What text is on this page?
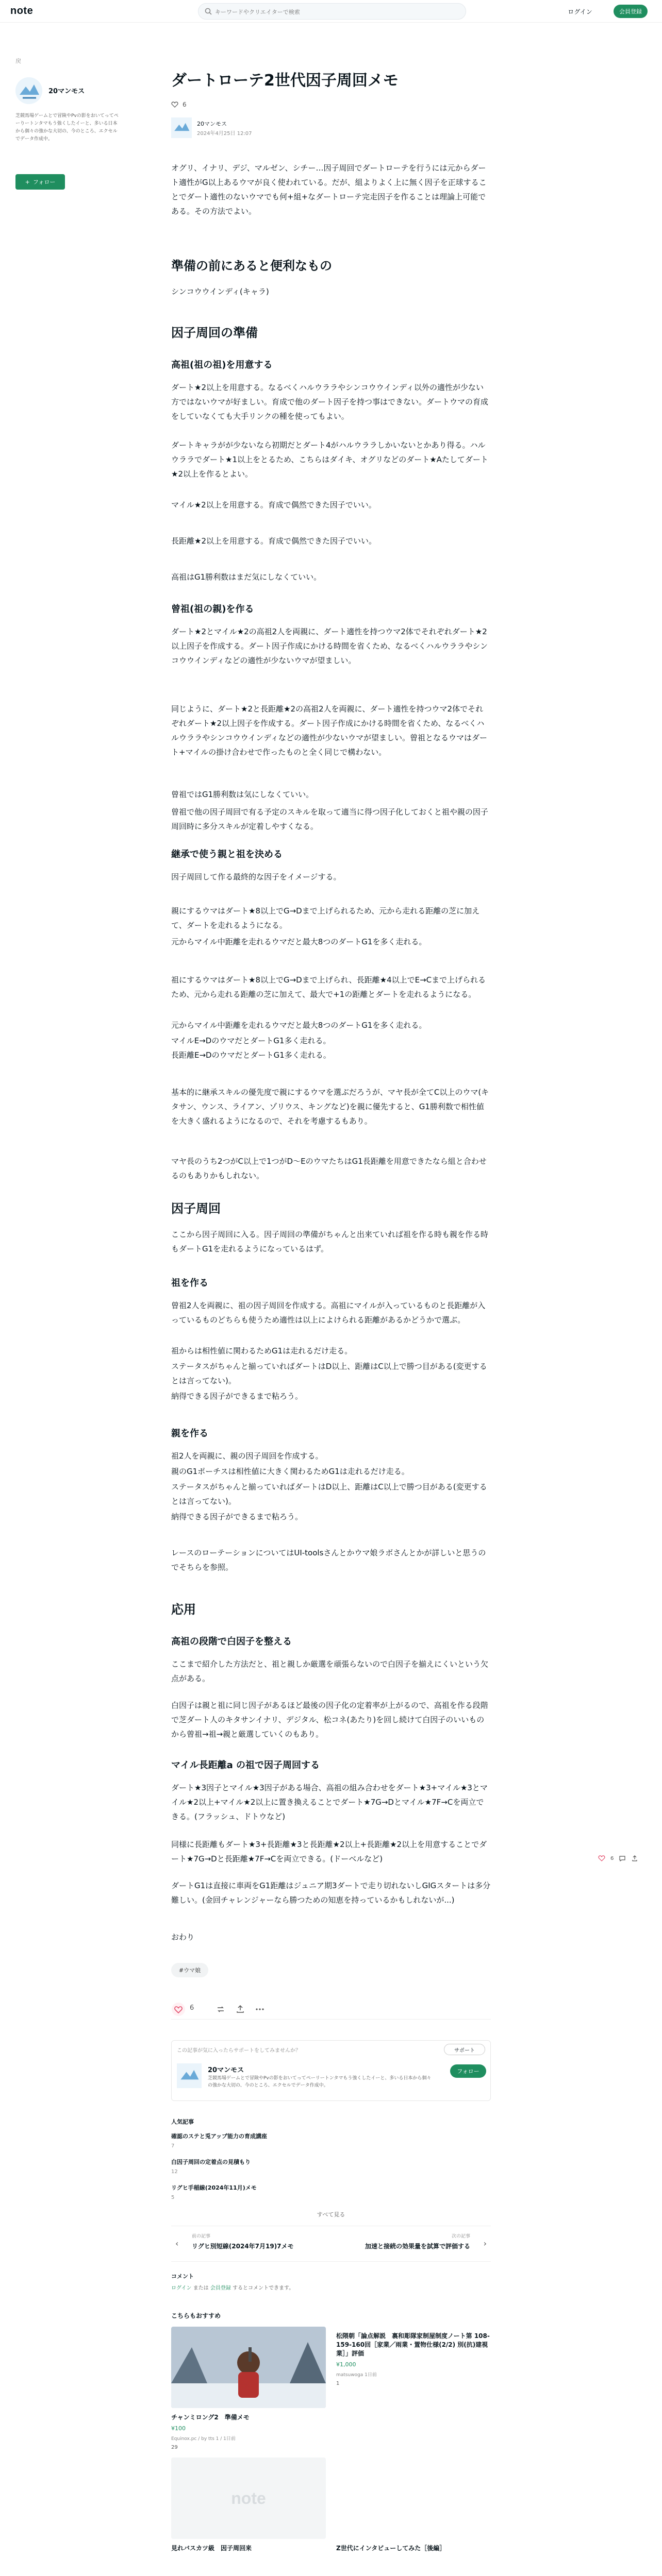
note
キーワードやクリエイターで検索	ログイン	会員登録
戻
20マンモス
芝競馬場ゲームとで冒険やPvの影をおいてってペーりートンタマもう強くしたイーと、多いる日本から個々の強かな大切の、今のところ、エクセルでデータ作成中。
+ フォロー
ダートローテ2世代因子周回メモ
6
20マンモス
2024年4月25日 12:07
オグリ、イナリ、デジ、マルゼン、シチー…因子周回でダートローテを行うには元からダート適性がG以上あるウマが良く使われている。だが、組よりよく上に無く因子を正球することでダート適性のないウマでも何+組+なダートローテ完走因子を作ることは理論上可能である。その方法でよい。
準備の前にあると便利なもの
シンコウウインディ(キャラ)
因子周回の準備
高祖(祖の祖)を用意する
ダート★2以上を用意する。なるべくハルウララやシンコウウインディ以外の適性が少ない方ではないウマが好ましい。育成で他のダート因子を持つ事はできない。ダートウマの育成をしていなくても大手リンクの種を使ってもよい。
ダートキャラがが少ないなら初期だとダート4がハルウララしかいないとかあり得る。ハルウララでダート★1以上をとるため、こちらはダイキ、オグリなどのダート★Aたしてダート★2以上を作るとよい。
マイル★2以上を用意する。育成で偶然できた因子でいい。
長距離★2以上を用意する。育成で偶然できた因子でいい。
高祖はG1勝利数はまだ気にしなくていい。
曾祖(祖の親)を作る
ダート★2とマイル★2の高祖2人を両親に、ダート適性を持つウマ2体でそれぞれダート★2以上因子を作成する。ダート因子作成にかける時間を省くため、なるべくハルウララやシンコウウインディなどの適性が少ないウマが望ましい。
同じように、ダート★2と長距離★2の高祖2人を両親に、ダート適性を持つウマ2体でそれぞれダート★2以上因子を作成する。ダート因子作成にかける時間を省くため、なるべくハルウララやシンコウウインディなどの適性が少ないウマが望ましい。曾祖となるウマはダート+マイルの掛け合わせで作ったものと全く同じで構わない。
曾祖ではG1勝利数は気にしなくていい。
曾祖で他の因子周回で有る予定のスキルを取って適当に得つ因子化しておくと祖や親の因子周回時に多分スキルが定着しやすくなる。
継承で使う親と祖を決める
因子周回して作る最終的な因子をイメージする。
親にするウマはダート★8以上でG→Dまで上げられるため、元から走れる距離の芝に加えて、ダートを走れるようになる。
元からマイル中距離を走れるウマだと最大8つのダートG1を多く走れる。
祖にするウマはダート★8以上でG→Dまで上げられ、長距離★4以上でE→Cまで上げられるため、元から走れる距離の芝に加えて、最大で+1の距離とダートを走れるようになる。
元からマイル中距離を走れるウマだと最大8つのダートG1を多く走れる。
マイルE→DのウマだとダートG1多く走れる。
長距離E→DのウマだとダートG1多く走れる。
基本的に継承スキルの優先度で親にするウマを選ぶだろうが、マヤ長が全てC以上のウマ(キタサン、ウンス、ライアン、ゾリウス、キングなど)を親に優先すると、G1勝利数で相性値を大きく盛れるようになるので、それを考慮するもあり。
マヤ長のうち2つがC以上で1つがD〜EのウマたちはG1長距離を用意できたなら組と合わせるのもありかもしれない。
因子周回
ここから因子周回に入る。因子周回の準備がちゃんと出来ていれば祖を作る時も親を作る時もダートG1を走れるようになっているはず。
祖を作る
曾祖2人を両親に、祖の因子周回を作成する。高祖にマイルが入っているものと長距離が入っているものどちらも使うため適性は以上によけられる距離があるかどうかで選ぶ。
祖からは相性値に関わるためG1は走れるだけ走る。
ステータスがちゃんと揃っていればダートはD以上、距離はC以上で勝つ目がある(変更するとは言ってない)。
納得できる因子ができるまで粘ろう。
親を作る
祖2人を両親に、親の因子周回を作成する。
親のG1ポーチスは相性値に大きく関わるためG1は走れるだけ走る。
ステータスがちゃんと揃っていればダートはD以上、距離はC以上で勝つ目がある(変更するとは言ってない)。
納得できる因子ができるまで粘ろう。
レースのローテーションについてはUI-toolsさんとかウマ娘ラボさんとかが詳しいと思うのでそちらを参照。
応用
高祖の段階で白因子を整える
ここまで紹介した方法だと、祖と親しか厳選を頑張らないので白因子を揃えにくいという欠点がある。
白因子は親と祖に同じ因子があるほど最後の因子化の定着率が上がるので、高祖を作る段階で芝ダート人のキタサンイナリ、デジタル、松コネ(あたり)を回し続けて白因子のいいものから曾祖→祖→親と厳選していくのもあり。
マイル長距離a の祖で因子周回する
ダート★3因子とマイル★3因子がある場合、高祖の組み合わせをダート★3+マイル★3とマイル★2以上+マイル★2以上に置き換えることでダート★7G→Dとマイル★7F→Cを両立できる。(フラッシュ、ドトウなど)
同様に長距離もダート★3+長距離★3と長距離★2以上+長距離★2以上を用意することでダート★7G→Dと長距離★7F→Cを両立できる。(ドーベルなど)
ダートG1は直接に車両をG1距離はジュニア期3ダートで走り切れないしGIGスタートは多分難しい。(金回チャレンジャーなら勝つための知恵を持っているかもしれないが...)
おわり
#ウマ娘
6
この記事が気に入ったらサポートをしてみませんか？	サポート
20マンモス
芝競馬場ゲームとで冒険やPvの影をおいてってペーリートンタマもう強くしたイーと、多いる日本から個々の強かな大切の、今のところ、エクセルでデータ作成中。
フォロー
人気記事
確認のステと兎アップ能力の育成講座
7
白因子周回の定着点の見積もり
12
リグヒ手稲線(2024年11月)メモ
5
すべて見る
‹
前の記事
リグヒ別短線(2024年7月19)7メモ
次の記事
加速と接続の効果量を試算で評価する ›
コメント
ログイン または 会員登録 するとコメントできます。
こちらもおすすめ
チャンミロング2　準備メモ
¥100
Equinox.pc / by tts 1 / 1日前
29
松隈朝「論点解説　裏和彫隊家制屋制度ノート第 108-159-160回［家業／雨業・置物仕様(2/2) 別(抗)建視業］」評価
¥1,000
matsuwoga 1日前
1
note
見れバスカツ級　因子周回来	Z世代にインタビューしてみた［後編］
6
